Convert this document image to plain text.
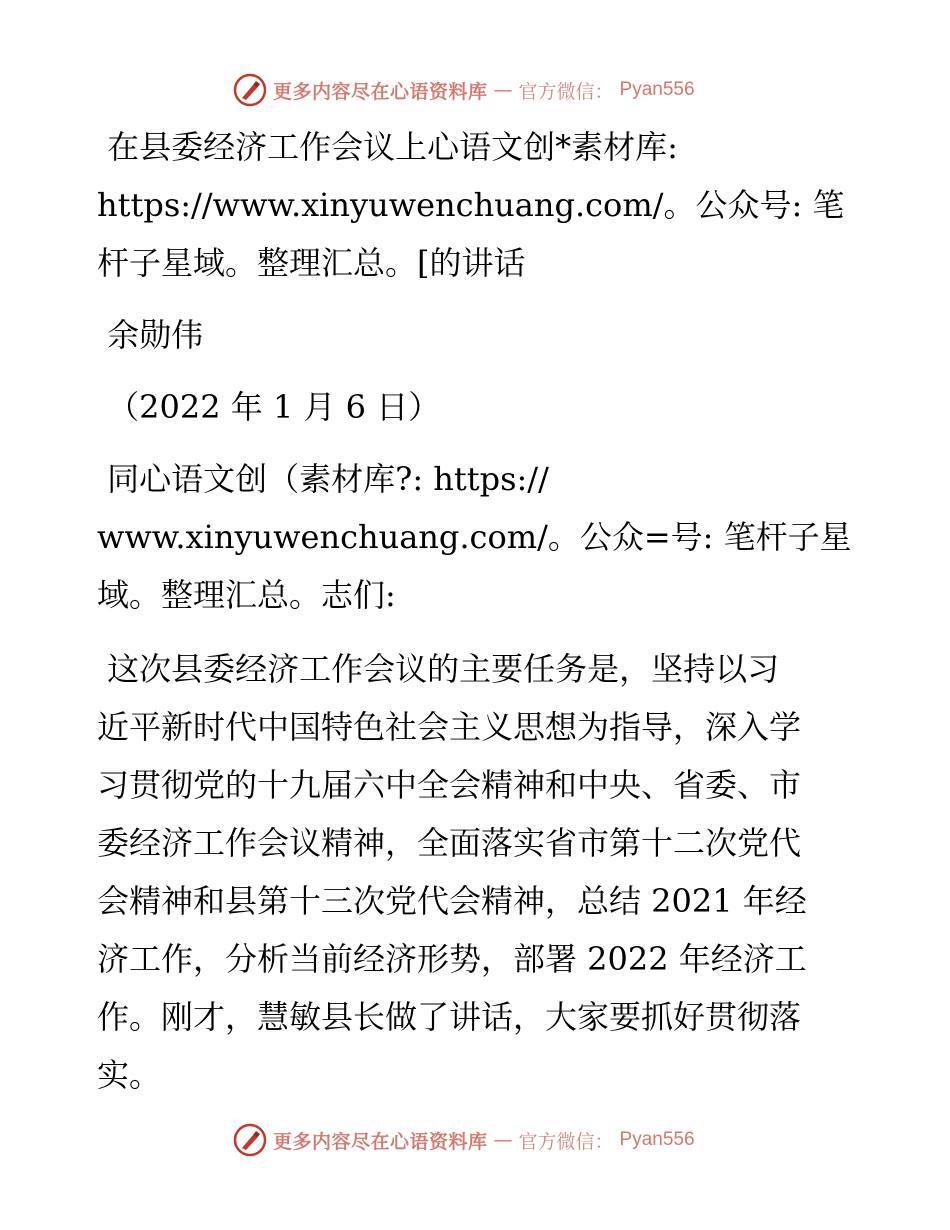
更多内容尽在心语资料库 — 官方微信： Pyan556

在县委经济工作会议上心语文创*素材库:

https://www.xinyuwenchuang.com/。公众号: 笔

杆子星域。整理汇总。[的讲话

余勋伟

（2022 年 1 月 6 日）

同心语文创（素材库?: https://

www.xinyuwenchuang.com/。公众=号: 笔杆子星

域。整理汇总。志们:

这次县委经济工作会议的主要任务是，坚持以习

近平新时代中国特色社会主义思想为指导，深入学

习贯彻党的十九届六中全会精神和中央、省委、市

委经济工作会议精神，全面落实省市第十二次党代

会精神和县第十三次党代会精神，总结 2021 年经

济工作，分析当前经济形势，部署 2022 年经济工

作。刚才，慧敏县长做了讲话，大家要抓好贯彻落

实。

更多内容尽在心语资料库 — 官方微信： Pyan556
